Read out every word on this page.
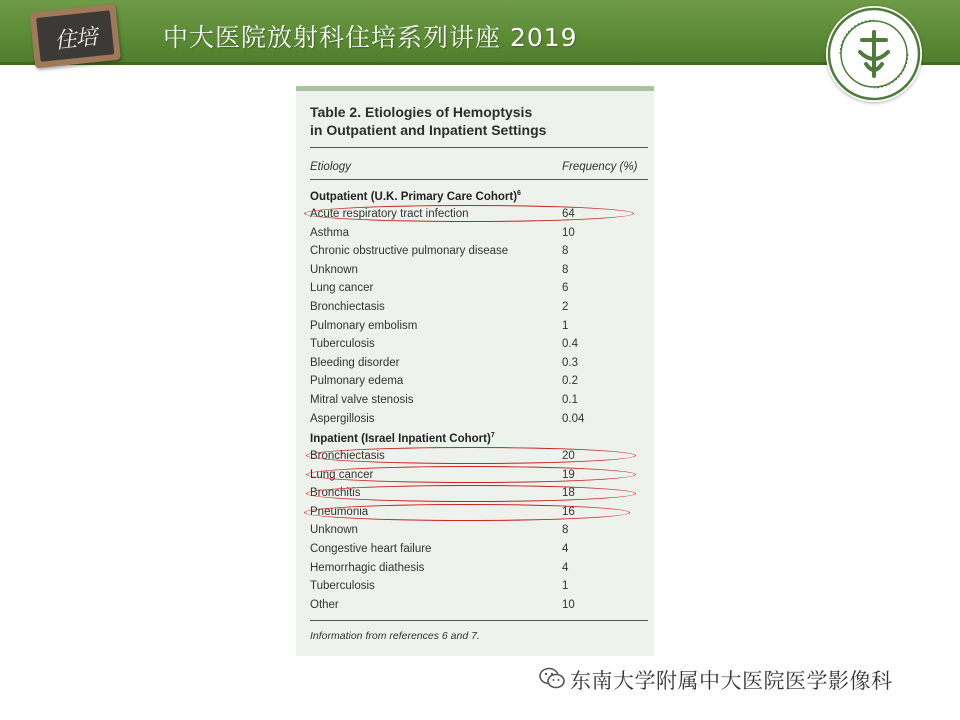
住培	中大医院放射科住培系列讲座 2019
Table 2. Etiologies of Hemoptysis
in Outpatient and Inpatient Settings
Etiology	Frequency (%)
Outpatient (U.K. Primary Care Cohort)$^6$
Acute respiratory tract infection	64
Asthma	10
Chronic obstructive pulmonary disease	8
Unknown	8
Lung cancer	6
Bronchiectasis	2
Pulmonary embolism	1
Tuberculosis	0.4
Bleeding disorder	0.3
Pulmonary edema	0.2
Mitral valve stenosis	0.1
Aspergillosis	0.04
Inpatient (Israel Inpatient Cohort)$^7$
Bronchiectasis	20
Lung cancer	19
Bronchitis	18
Pneumonia	16
Unknown	8
Congestive heart failure	4
Hemorrhagic diathesis	4
Tuberculosis	1
Other	10
Information from references 6 and 7.
东南大学附属中大医院医学影像科
